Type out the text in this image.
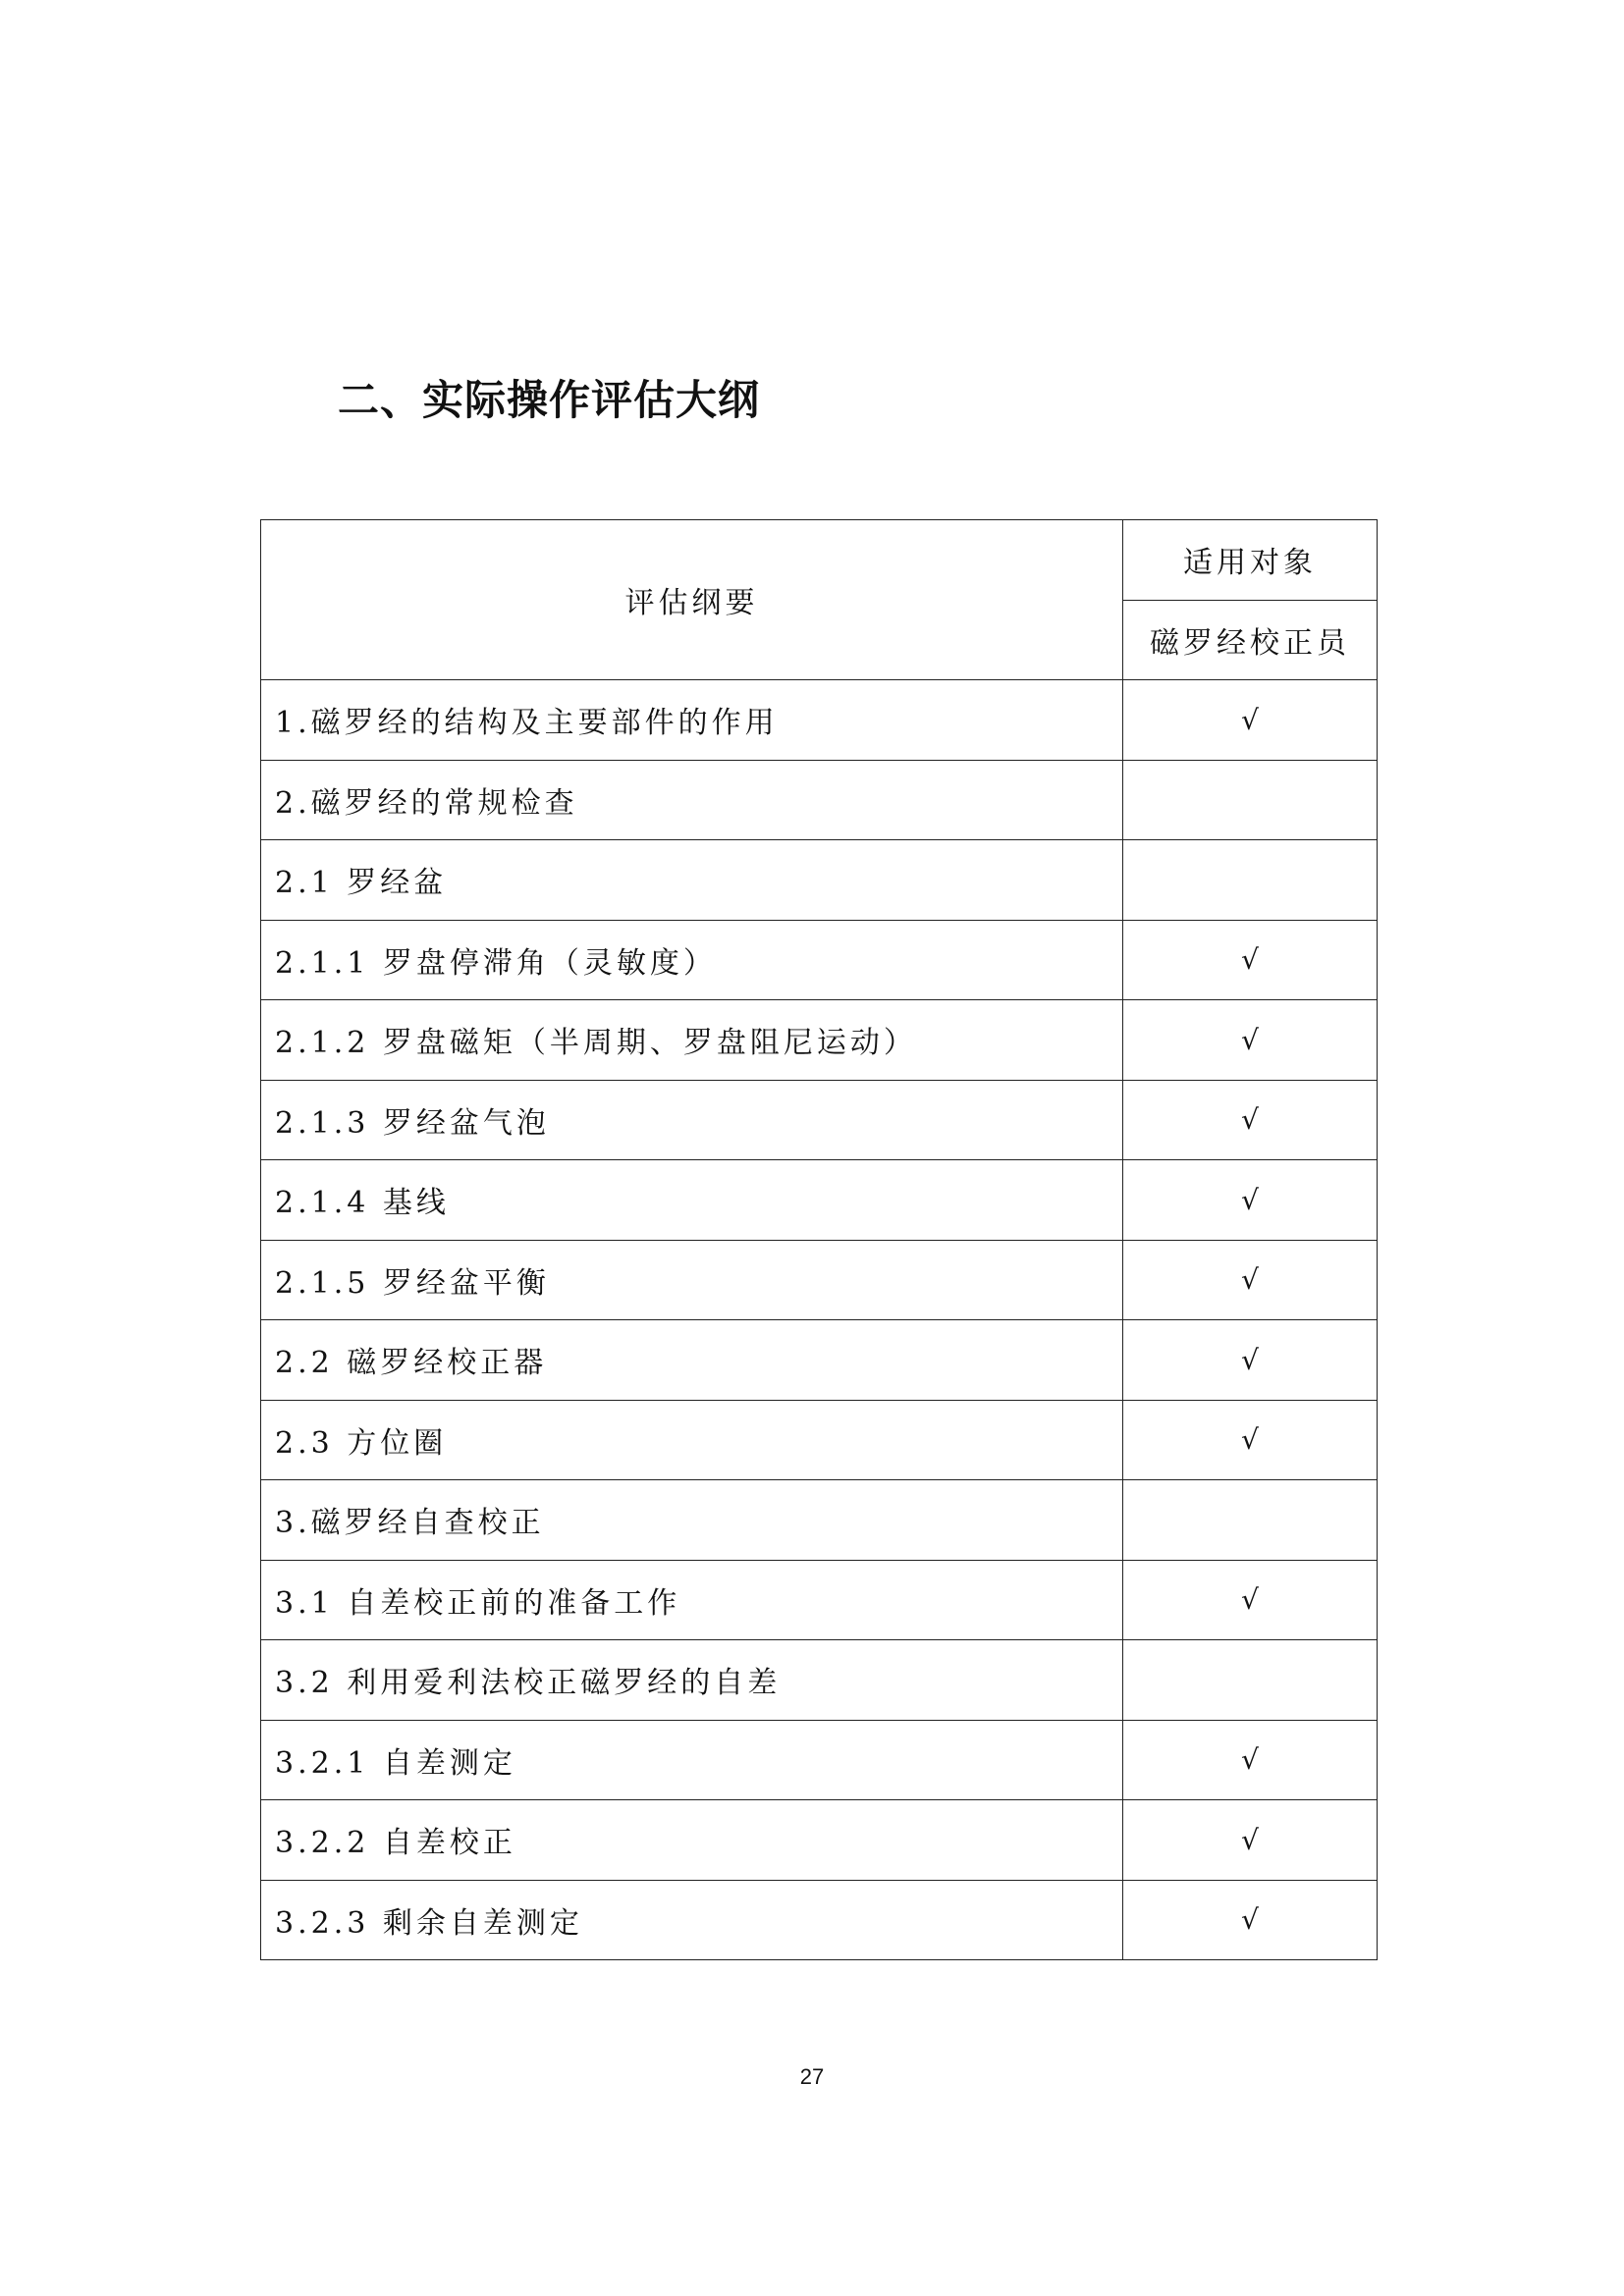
二、实际操作评估大纲
评估纲要	适用对象
	磁罗经校正员
1.磁罗经的结构及主要部件的作用	√
2.磁罗经的常规检查	
2.1 罗经盆	
2.1.1 罗盘停滞角（灵敏度）	√
2.1.2 罗盘磁矩（半周期、罗盘阻尼运动）	√
2.1.3 罗经盆气泡	√
2.1.4 基线	√
2.1.5 罗经盆平衡	√
2.2 磁罗经校正器	√
2.3 方位圈	√
3.磁罗经自查校正	
3.1 自差校正前的准备工作	√
3.2 利用爱利法校正磁罗经的自差	
3.2.1 自差测定	√
3.2.2 自差校正	√
3.2.3 剩余自差测定	√
27
